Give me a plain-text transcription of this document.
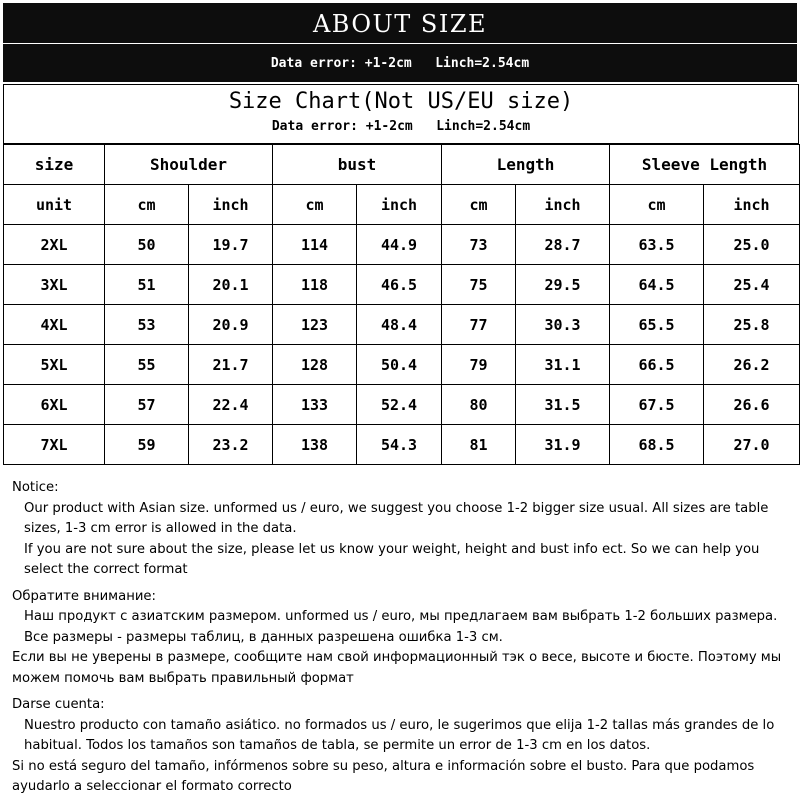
ABOUT SIZE
Data error: +1-2cm   Linch=2.54cm
Size Chart(Not US/EU size)
Data error: +1-2cm   Linch=2.54cm
size	Shoulder		bust		Length		Sleeve Length	
unit	cm	inch	cm	inch	cm	inch	cm	inch
2XL	50	19.7	114	44.9	73	28.7	63.5	25.0
3XL	51	20.1	118	46.5	75	29.5	64.5	25.4
4XL	53	20.9	123	48.4	77	30.3	65.5	25.8
5XL	55	21.7	128	50.4	79	31.1	66.5	26.2
6XL	57	22.4	133	52.4	80	31.5	67.5	26.6
7XL	59	23.2	138	54.3	81	31.9	68.5	27.0

Notice:

Our product with Asian size. unformed us / euro, we suggest you choose 1-2 bigger size usual. All sizes are table sizes, 1-3 cm error is allowed in the data.

If you are not sure about the size, please let us know your weight, height and bust info ect. So we can help you select the correct format

Обратите внимание:

Наш продукт с азиатским размером. unformed us / euro, мы предлагаем вам выбрать 1-2 больших размера. Все размеры - размеры таблиц, в данных разрешена ошибка 1-3 см.

Если вы не уверены в размере, сообщите нам свой информационный тэк о весе, высоте и бюсте. Поэтому мы можем помочь вам выбрать правильный формат

Darse cuenta:

Nuestro producto con tamaño asiático. no formados us / euro, le sugerimos que elija 1-2 tallas más grandes de lo habitual. Todos los tamaños son tamaños de tabla, se permite un error de 1-3 cm en los datos.

Si no está seguro del tamaño, infórmenos sobre su peso, altura e información sobre el busto. Para que podamos ayudarlo a seleccionar el formato correcto
